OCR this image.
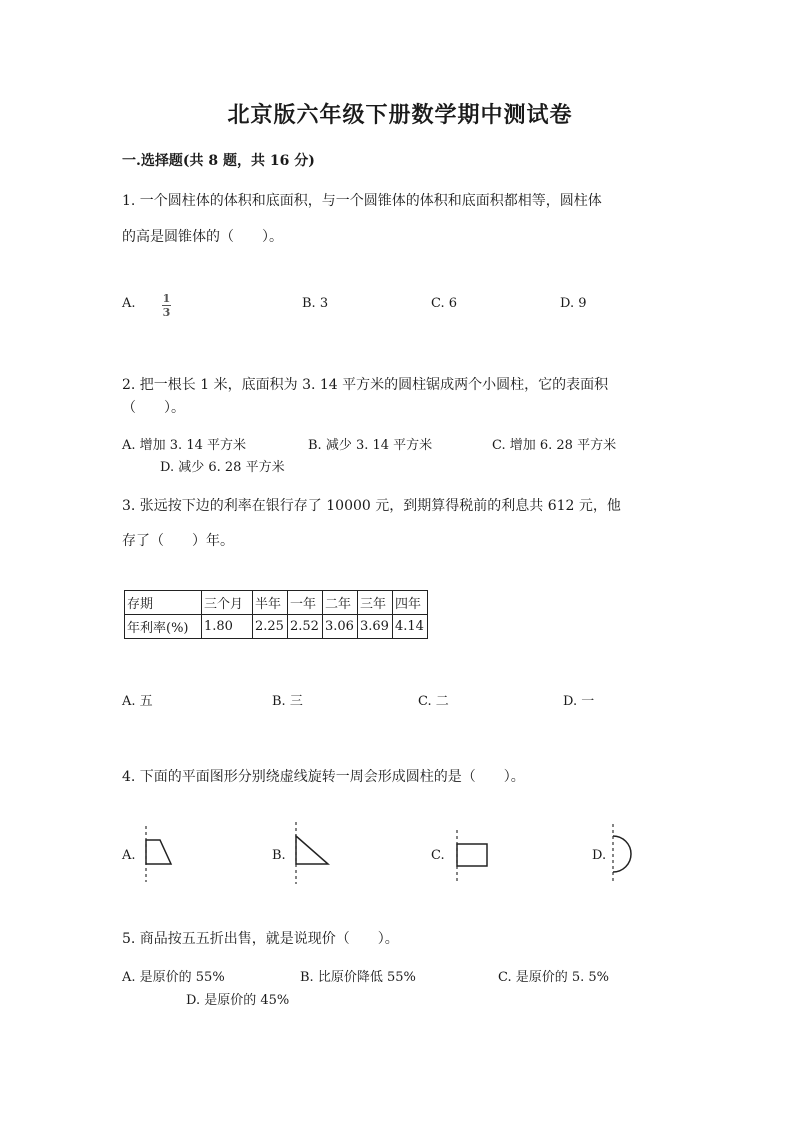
北京版六年级下册数学期中测试卷
一.选择题(共 8 题，共 16 分)
1. 一个圆柱体的体积和底面积，与一个圆锥体的体积和底面积都相等，圆柱体
的高是圆锥体的（　　）。
A. $\frac{1}{3}$	B. 3	C. 6	D. 9
2. 把一根长 1 米，底面积为 3. 14 平方米的圆柱锯成两个小圆柱，它的表面积
（　　）。
A. 增加 3. 14 平方米	B. 减少 3. 14 平方米	C. 增加 6. 28 平方米
D. 减少 6. 28 平方米
3. 张远按下边的利率在银行存了 10000 元，到期算得税前的利息共 612 元，他
存了（　　）年。
存期	三个月	半年	一年	二年	三年	四年
年利率(%)	1.80	2.25	2.52	3.06	3.69	4.14
A. 五	B. 三	C. 二	D. 一
4. 下面的平面图形分别绕虚线旋转一周会形成圆柱的是（　　）。
A.	B.	C.	D.
5. 商品按五五折出售，就是说现价（　　）。
A. 是原价的 55%	B. 比原价降低 55%	C. 是原价的 5. 5%
D. 是原价的 45%
